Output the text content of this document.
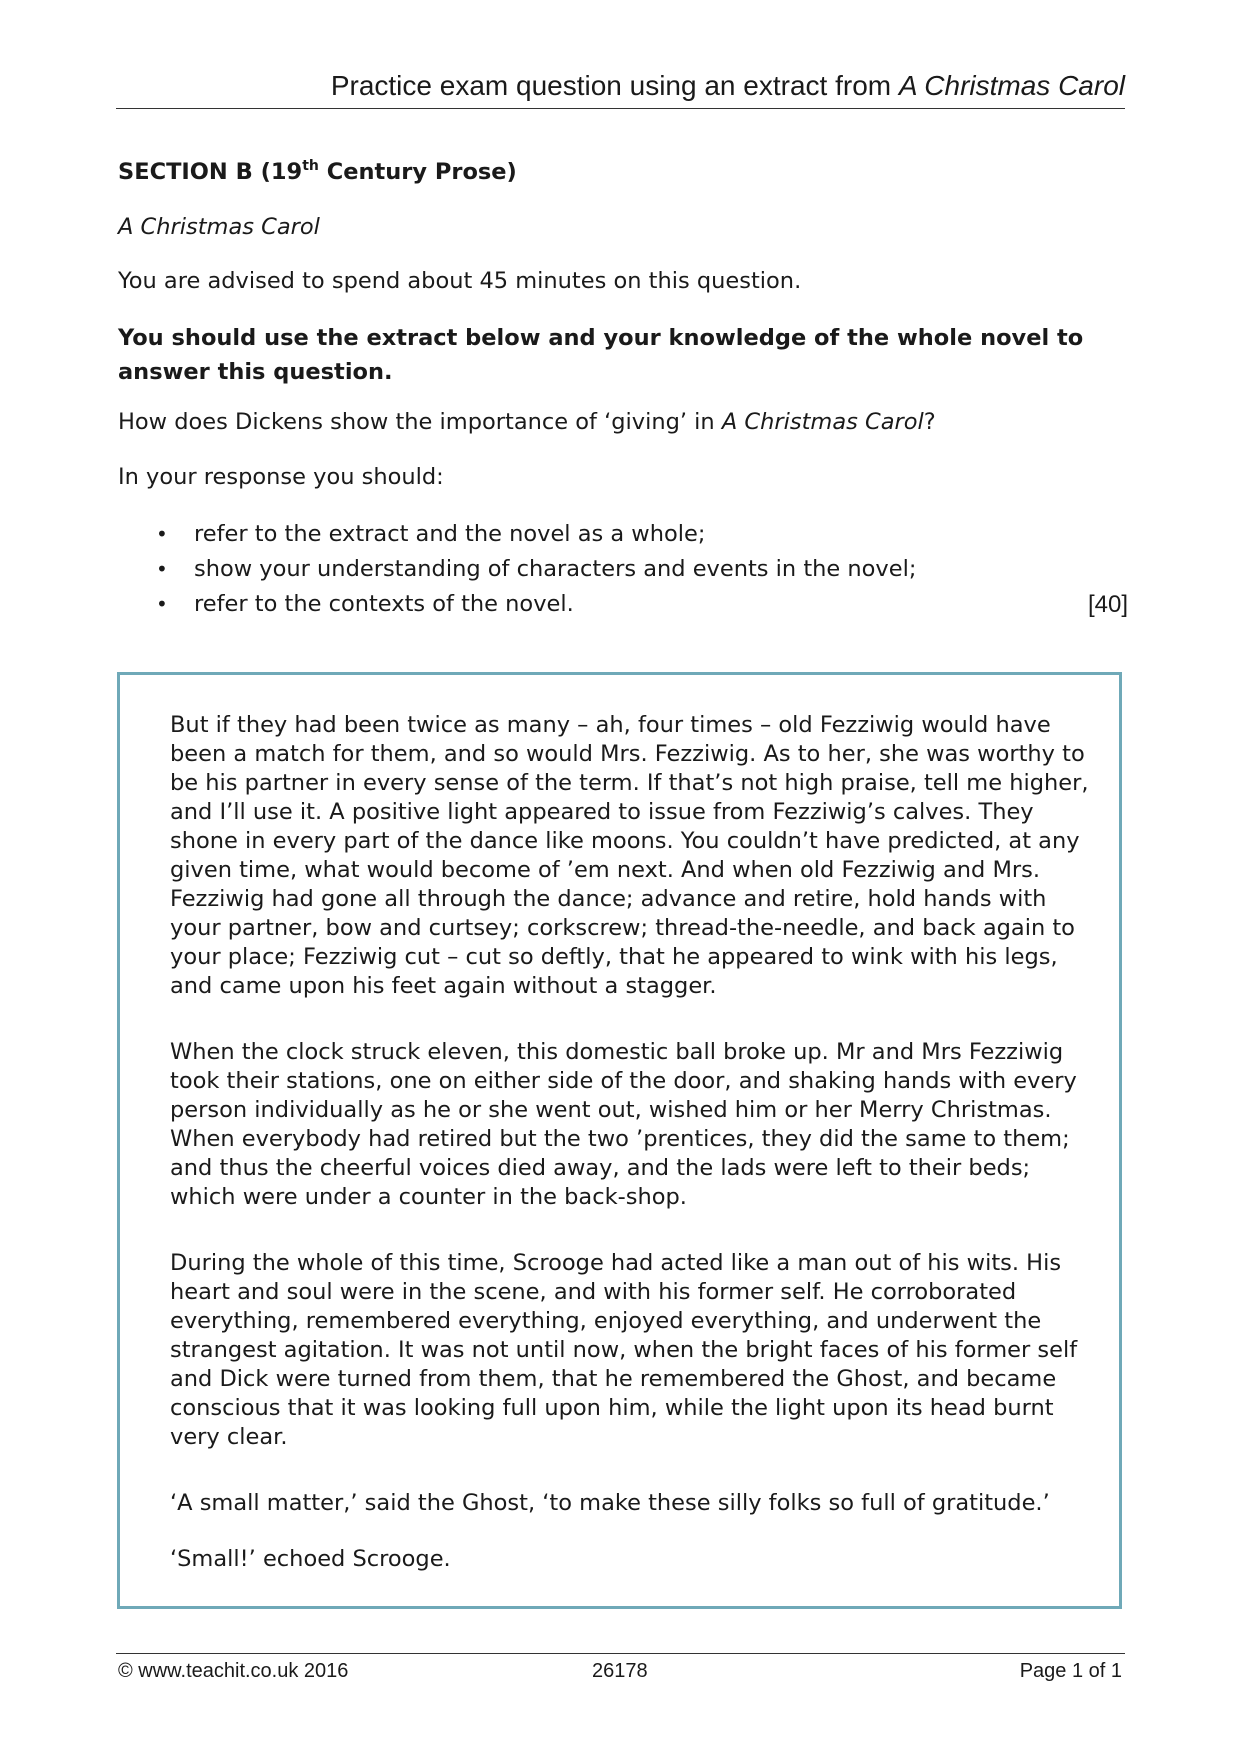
Practice exam question using an extract from A Christmas Carol
SECTION B (19th Century Prose)
A Christmas Carol
You are advised to spend about 45 minutes on this question.
You should use the extract below and your knowledge of the whole novel to answer this question.
How does Dickens show the importance of ‘giving’ in A Christmas Carol?
In your response you should:
• refer to the extract and the novel as a whole;
• show your understanding of characters and events in the novel;
• refer to the contexts of the novel.	[40]

But if they had been twice as many – ah, four times – old Fezziwig would have been a match for them, and so would Mrs. Fezziwig. As to her, she was worthy to be his partner in every sense of the term. If that’s not high praise, tell me higher, and I’ll use it. A positive light appeared to issue from Fezziwig’s calves. They shone in every part of the dance like moons. You couldn’t have predicted, at any given time, what would become of ’em next. And when old Fezziwig and Mrs. Fezziwig had gone all through the dance; advance and retire, hold hands with your partner, bow and curtsey; corkscrew; thread-the-needle, and back again to your place; Fezziwig cut – cut so deftly, that he appeared to wink with his legs, and came upon his feet again without a stagger.

When the clock struck eleven, this domestic ball broke up. Mr and Mrs Fezziwig took their stations, one on either side of the door, and shaking hands with every person individually as he or she went out, wished him or her Merry Christmas. When everybody had retired but the two ’prentices, they did the same to them; and thus the cheerful voices died away, and the lads were left to their beds; which were under a counter in the back-shop.

During the whole of this time, Scrooge had acted like a man out of his wits. His heart and soul were in the scene, and with his former self. He corroborated everything, remembered everything, enjoyed everything, and underwent the strangest agitation. It was not until now, when the bright faces of his former self and Dick were turned from them, that he remembered the Ghost, and became conscious that it was looking full upon him, while the light upon its head burnt very clear.

‘A small matter,’ said the Ghost, ‘to make these silly folks so full of gratitude.’

‘Small!’ echoed Scrooge.

© www.teachit.co.uk 2016	26178	Page 1 of 1
